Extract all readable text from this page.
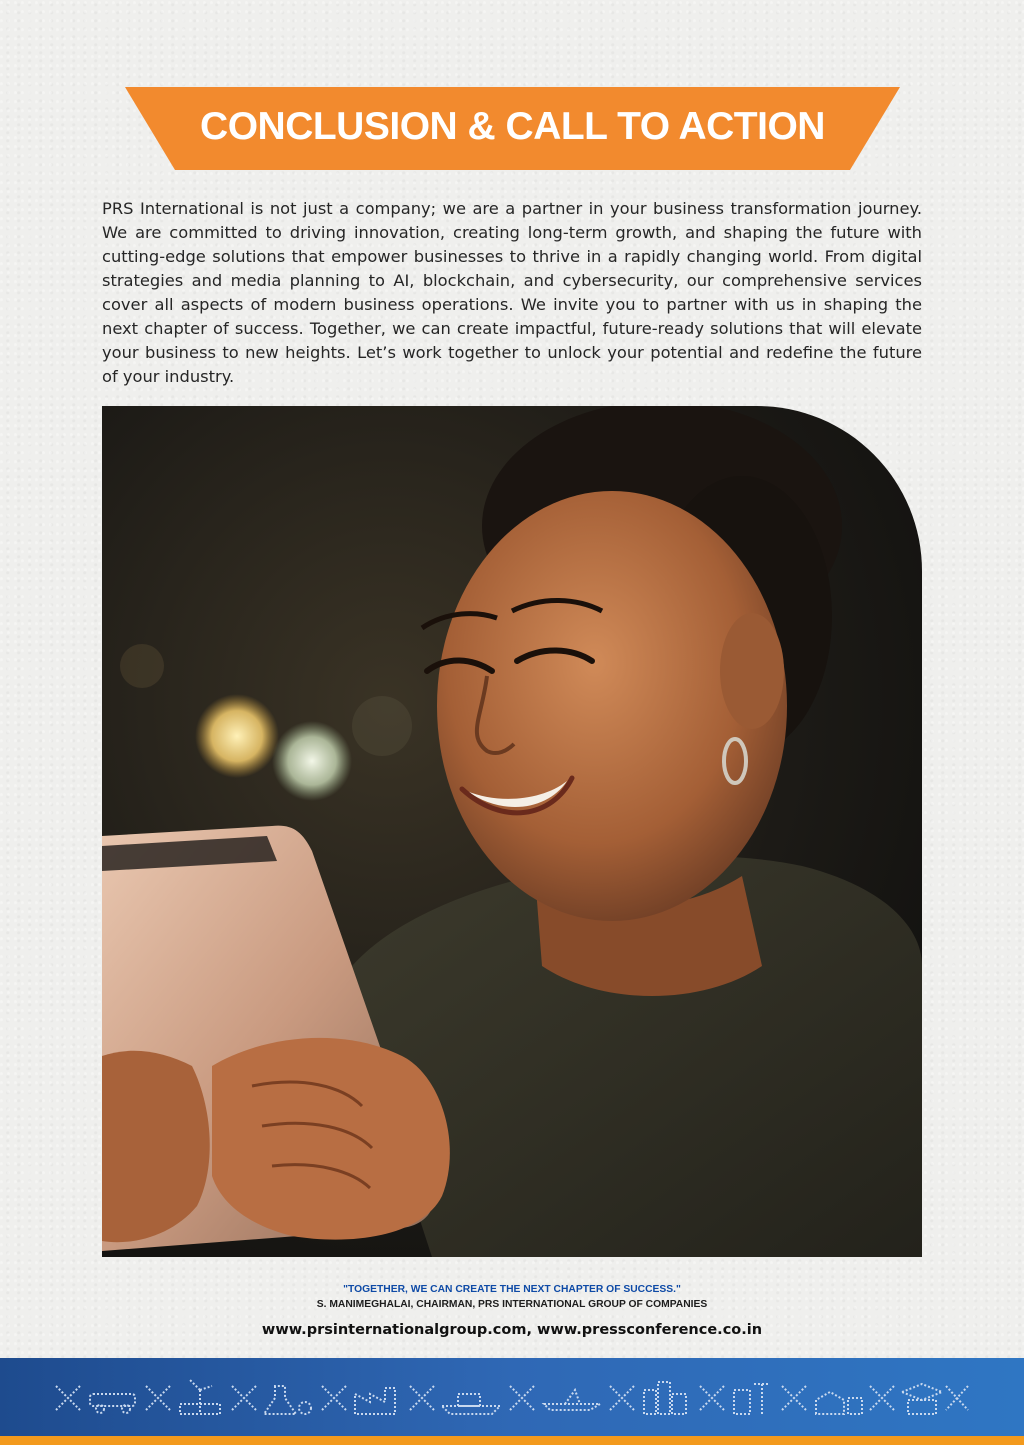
CONCLUSION & CALL TO ACTION

PRS International is not just a company; we are a partner in your business transformation journey. We are committed to driving innovation, creating long-term growth, and shaping the future with cutting-edge solutions that empower businesses to thrive in a rapidly changing world. From digital strategies and media planning to AI, blockchain, and cybersecurity, our comprehensive services cover all aspects of modern business operations. We invite you to partner with us in shaping the next chapter of success. Together, we can create impactful, future-ready solutions that will elevate your business to new heights. Let’s work together to unlock your potential and redefine the future of your industry.

"TOGETHER, WE CAN CREATE THE NEXT CHAPTER OF SUCCESS."
S. MANIMEGHALAI, CHAIRMAN, PRS INTERNATIONAL GROUP OF COMPANIES
www.prsinternationalgroup.com, www.pressconference.co.in
